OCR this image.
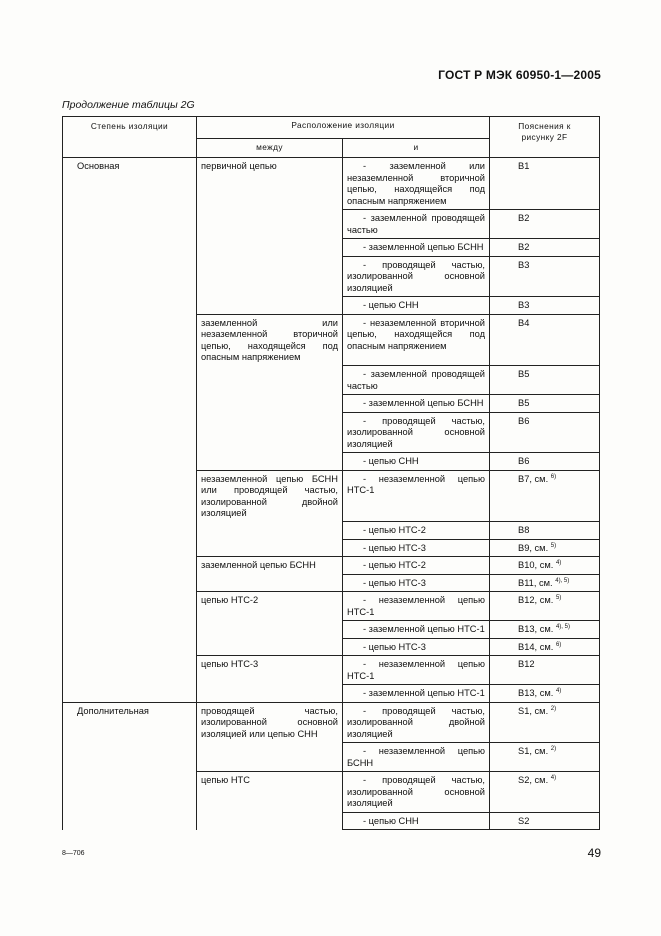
ГОСТ Р МЭК 60950-1—2005
Продолжение таблицы 2G
Степень изоляции	Расположение изоляции		Пояснения к рисунку 2F
	между	и	
Основная	первичной цепью	- заземленной или незаземленной вторичной цепью, находящейся под опасным напряжением	B1
		- заземленной проводящей частью	B2
		- заземленной цепью БСНН	B2
		- проводящей частью, изолированной основной изоляцией	B3
		- цепью СНН	B3
	заземленной или незаземленной вторичной цепью, находящейся под опасным напряжением	- незаземленной вторичной цепью, находящейся под опасным напряжением	B4
		- заземленной проводящей частью	B5
		- заземленной цепью БСНН	B5
		- проводящей частью, изолированной основной изоляцией	B6
		- цепью СНН	B6
	незаземленной цепью БСНН или проводящей частью, изолированной двойной изоляцией	- незаземленной цепью НТС-1	B7, см. $^{6)}$
		- цепью НТС-2	B8
		- цепью НТС-3	B9, см. $^{5)}$
	заземленной цепью БСНН	- цепью НТС-2	B10, см. $^{4)}$
		- цепью НТС-3	B11, см. $^{4), 5)}$
	цепью НТС-2	- незаземленной цепью НТС-1	B12, см. $^{5)}$
		- заземленной цепью НТС-1	B13, см. $^{4), 5)}$
		- цепью НТС-3	B14, см. $^{6)}$
	цепью НТС-3	- незаземленной цепью НТС-1	B12
		- заземленной цепью НТС-1	B13, см. $^{4)}$
Дополнительная	проводящей частью, изолированной основной изоляцией или цепью СНН	- проводящей частью, изолированной двойной изоляцией	S1, см. $^{2)}$
		- незаземленной цепью БСНН	S1, см. $^{2)}$
	цепью НТС	- проводящей частью, изолированной основной изоляцией	S2, см. $^{4)}$
		- цепью СНН	S2
8—706	49
